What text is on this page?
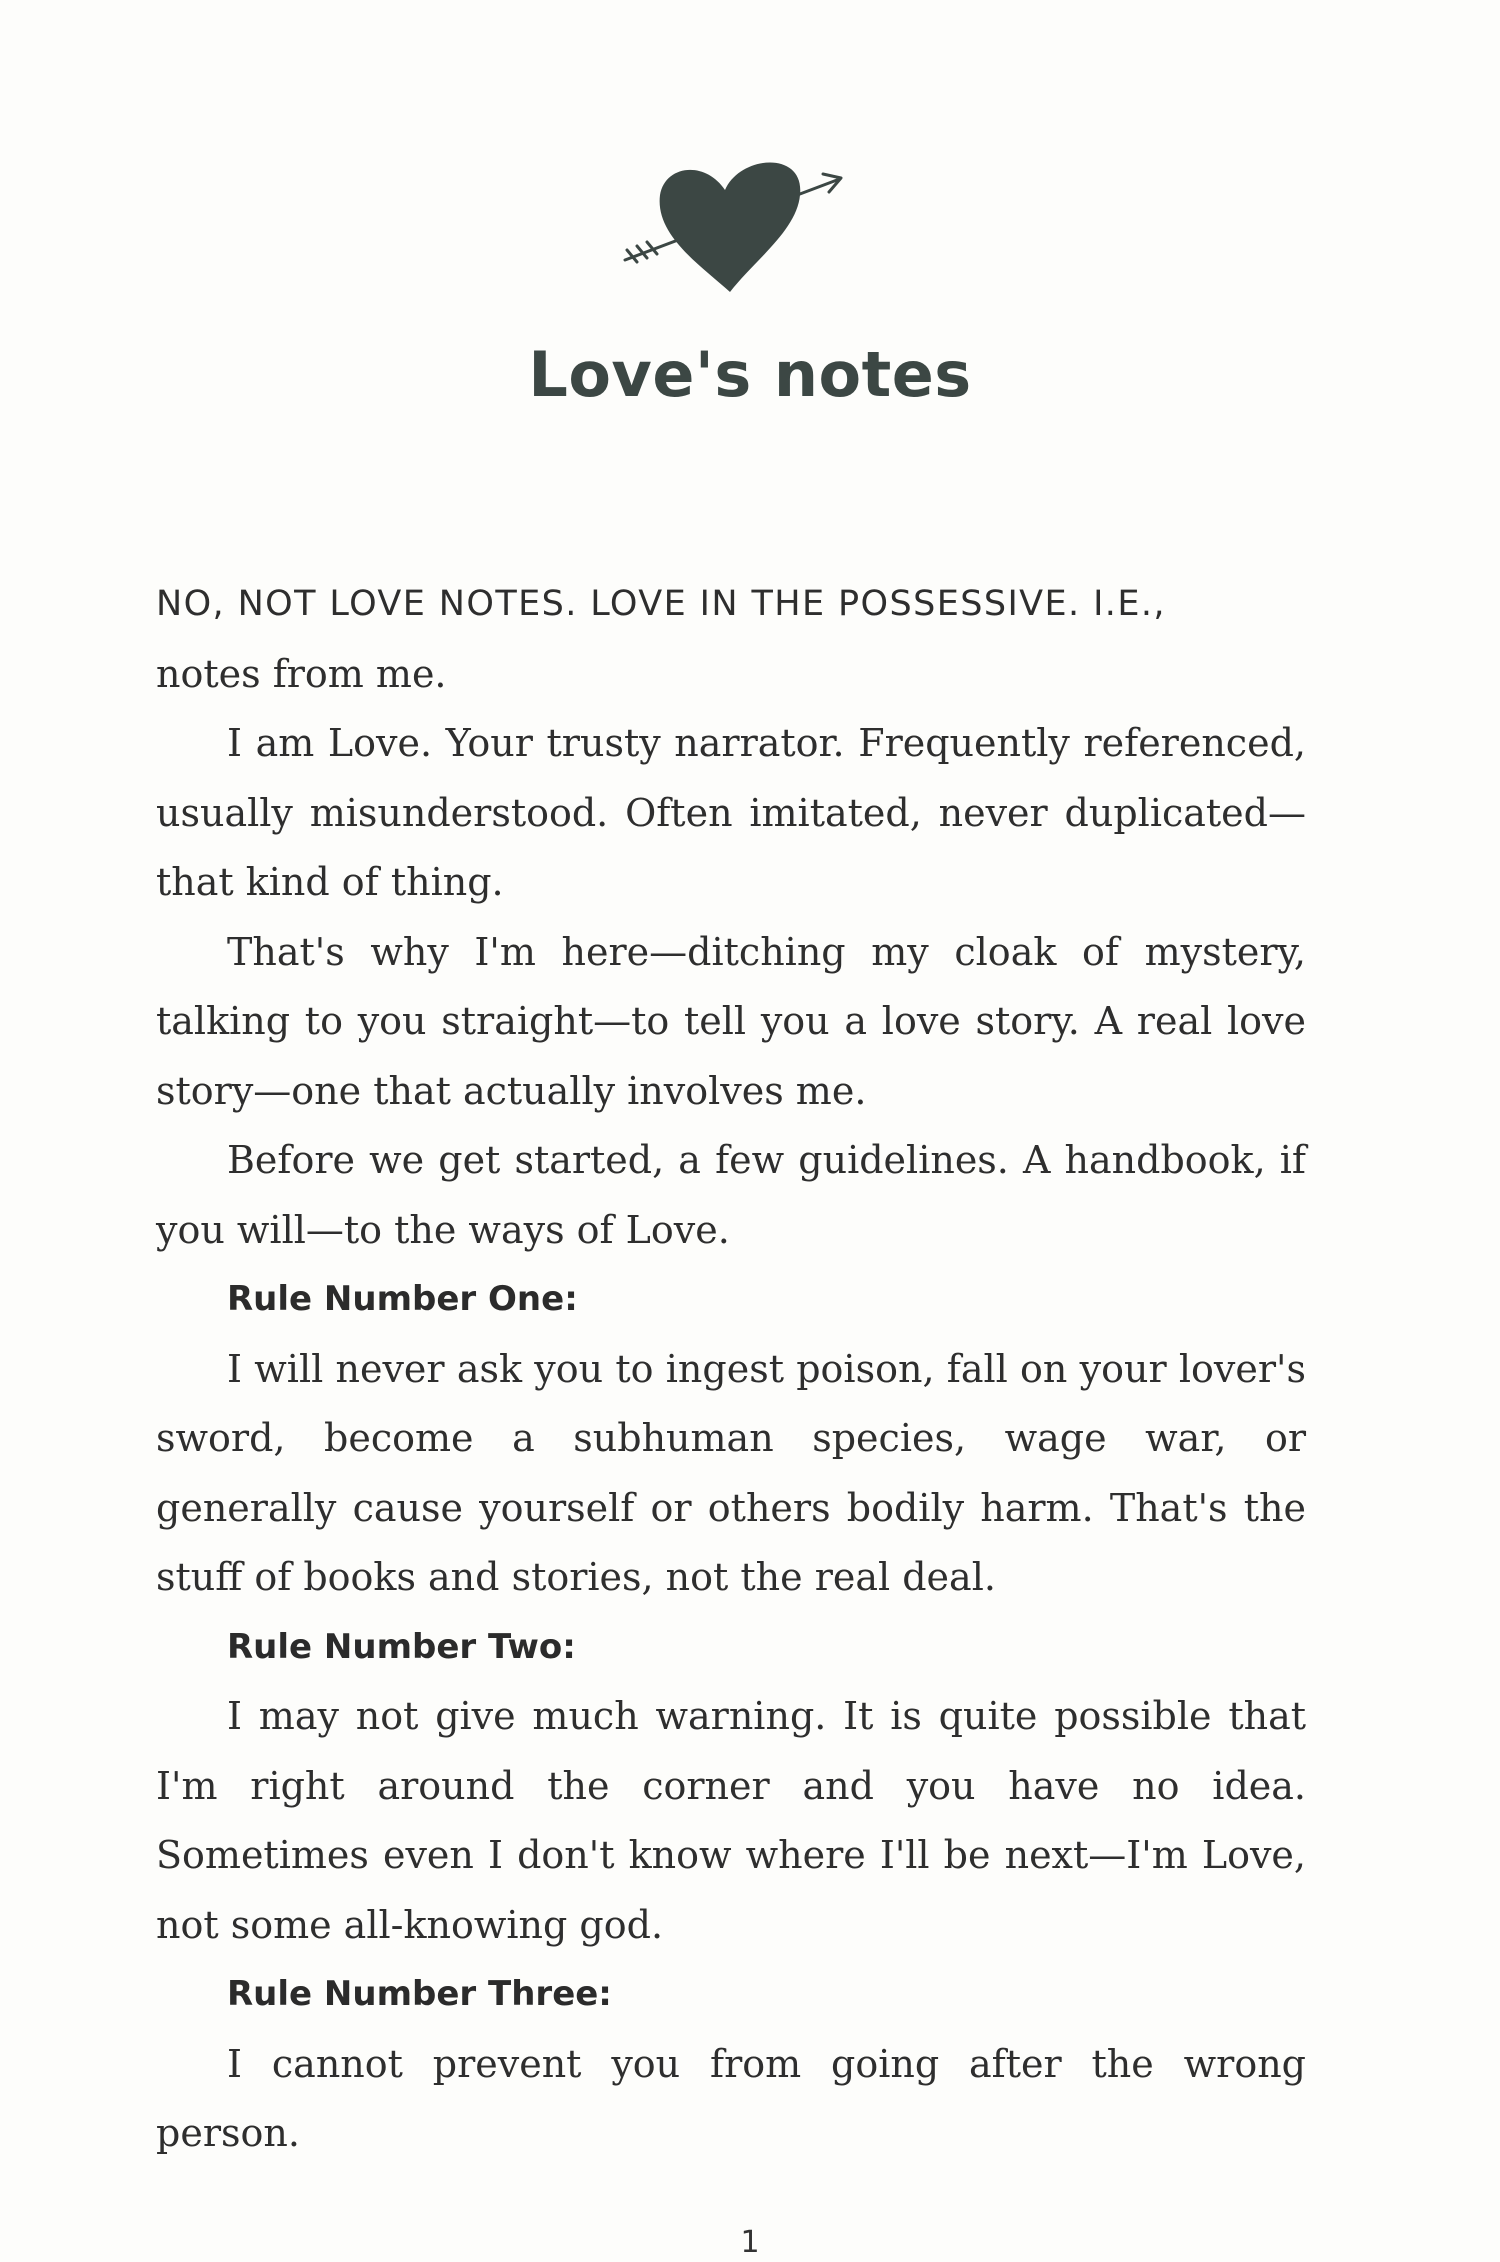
Love's notes

NO, NOT LOVE NOTES. LOVE IN THE POSSESSIVE. I.E.,
notes from me.

I am Love. Your trusty narrator. Frequently referenced, usually misunderstood. Often imitated, never duplicated—that kind of thing.

That's why I'm here—ditching my cloak of mystery, talking to you straight—to tell you a love story. A real love story—one that actually involves me.

Before we get started, a few guidelines. A handbook, if you will—to the ways of Love.

Rule Number One:

I will never ask you to ingest poison, fall on your lover's sword, become a subhuman species, wage war, or generally cause yourself or others bodily harm. That's the stuff of books and stories, not the real deal.

Rule Number Two:

I may not give much warning. It is quite possible that I'm right around the corner and you have no idea. Sometimes even I don't know where I'll be next—I'm Love, not some all-knowing god.

Rule Number Three:

I cannot prevent you from going after the wrong person.

1
